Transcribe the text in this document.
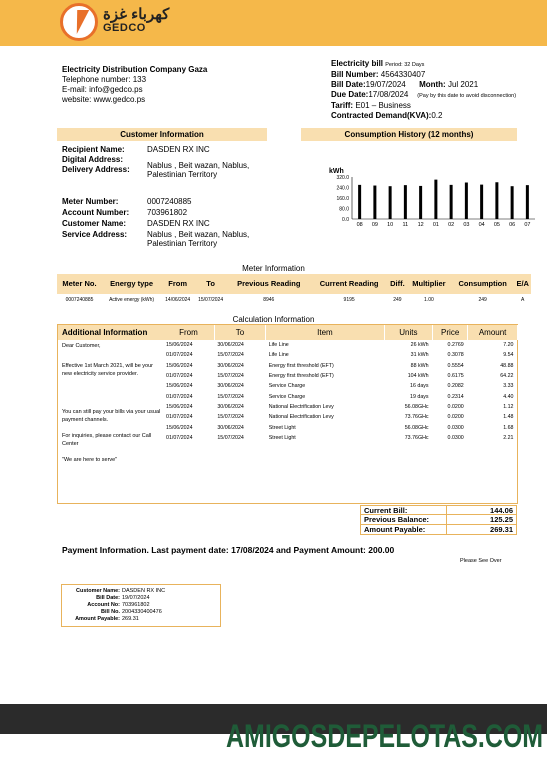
كهرباء غزة
GEDCO
Electricity Distribution Company Gaza
Telephone number: 133
E-mail: info@gedco.ps
website: www.gedco.ps
Electricity bill Period: 32 Days
Bill Number: 4564330407
Bill Date:19/07/2024 Month: Jul 2021
Due Date:17/08/2024 (Pay by this date to avoid disconnection)
Tariff: E01 – Business
Contracted Demand(KVA):0.2
Customer Information	Consumption History (12 months)
Recipient Name:	DASDEN RX INC
Digital Address:
Delivery Address: Nablus , Beit wazan, Nablus,
Palestinian Territory
Meter Number:	0007240885
Account Number: 703961802
Customer Name:	DASDEN RX INC
Service Address: Nablus , Beit wazan, Nablus,
Palestinian Territory
kWh
320.0
240.0
160.0
80.0
0.0
08 09 10 11 12 01 02 03 04 05 06 07
Meter Information
Meter No.	Energy type	From	To	Previous Reading	Current Reading	Diff.	Multiplier	Consumption	E/A
0007240885	Active energy (kWh)	14/06/2024	15/07/2024	8946	9195	249	1.00	249	A
Calculation Information
Additional Information

Dear Customer,

Effective 1st March 2021, will be your new electricity service provider.

You can still pay your bills via your usual payment channels.

For inquiries, please contact our Call Center

"We are here to serve"

From	To	Item	Units	Price	Amount
15/06/2024	30/06/2024	Life Line	26 kWh	0.2769	7.20
01/07/2024	15/07/2024	Life Line	31 kWh	0.3078	9.54
15/06/2024	30/06/2024	Energy first threshold (EFT)	88 kWh	0.5554	48.88
01/07/2024	15/07/2024	Energy first threshold (EFT)	104 kWh	0.6175	64.22
15/06/2024	30/06/2024	Service Charge	16 days	0.2082	3.33
01/07/2024	15/07/2024	Service Charge	19 days	0.2314	4.40
15/06/2024	30/06/2024	National Electrification Levy	56.08GHc	0.0200	1.12
01/07/2024	15/07/2024	National Electrification Levy	73.76GHc	0.0200	1.48
15/06/2024	30/06/2024	Street Light	56.08GHc	0.0300	1.68
01/07/2024	15/07/2024	Street Light	73.76GHc	0.0300	2.21
Current Bill:	144.06
Previous Balance:	125.25
Amount Payable:	269.31
Payment Information. Last payment date: 17/08/2024 and Payment Amount: 200.00
Please See Over
Customer Name: DASDEN RX INC
Bill Date: 19/07/2024
Account No: 703961802
Bill No. 2004330400476
Amount Payable: 269.31
AMIGOSDEPELOTAS.COM
